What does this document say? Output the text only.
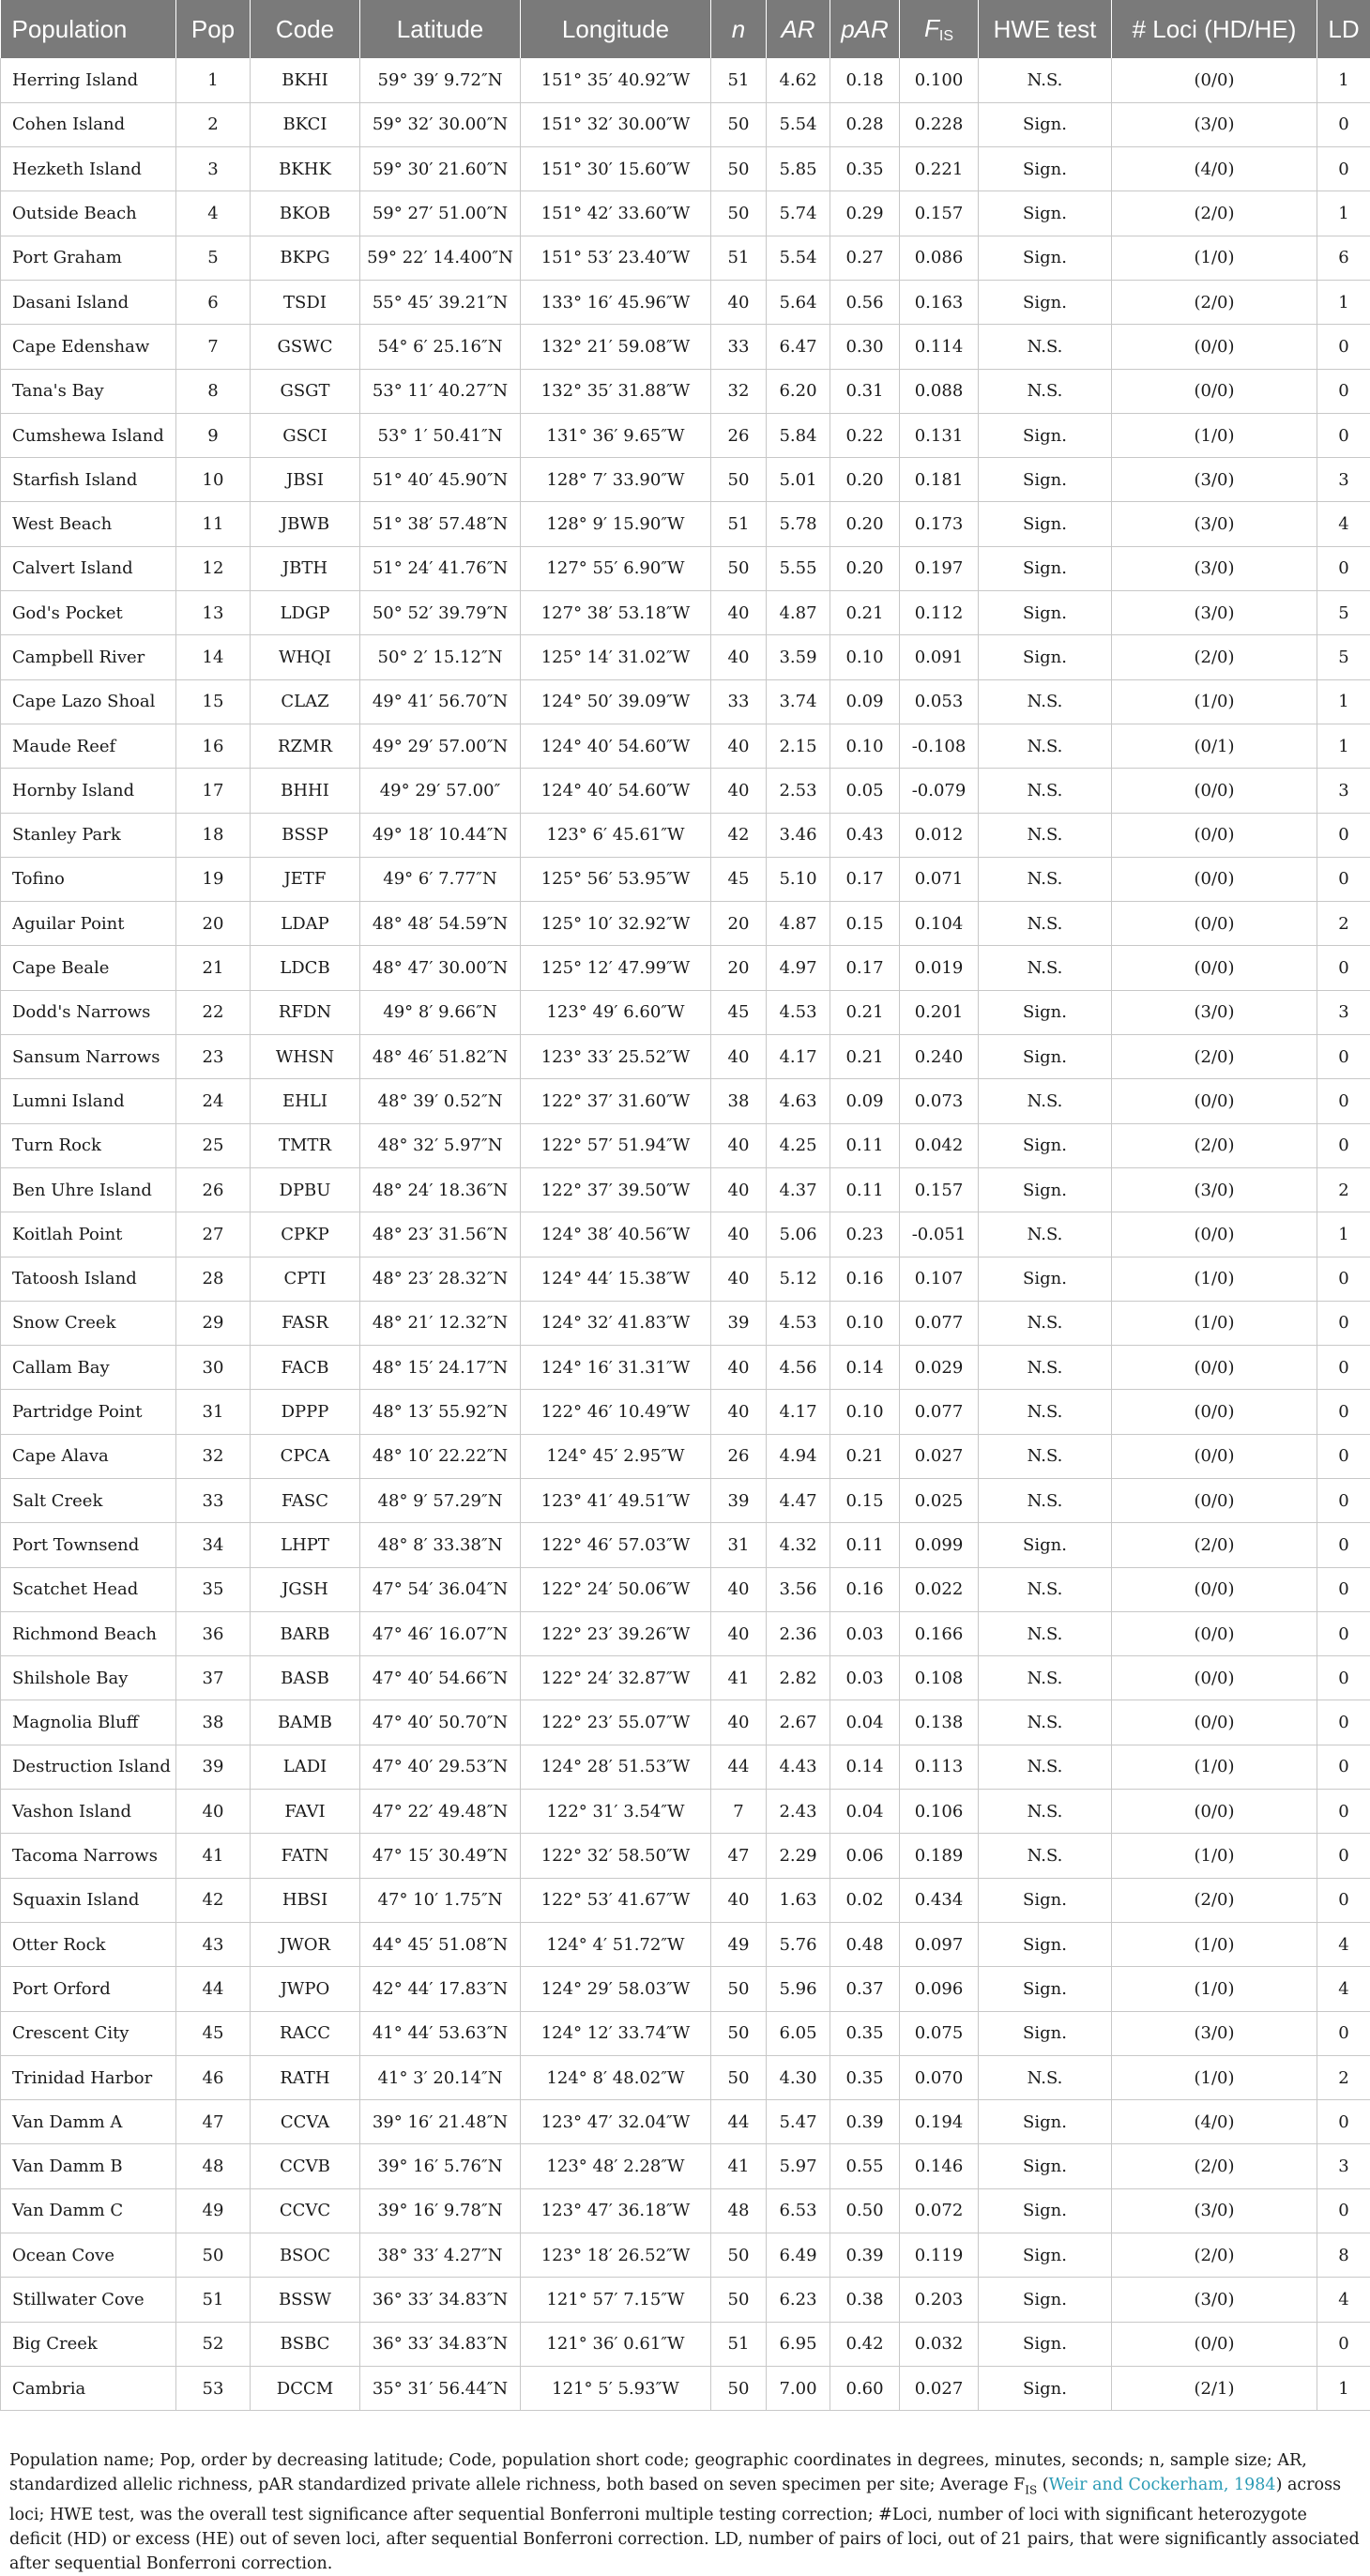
Population	Pop	Code	Latitude	Longitude	n	AR	pAR	$F_{IS}$	HWE test	# Loci (HD/HE)	LD
Herring Island	1	BKHI	59° 39′ 9.72″N	151° 35′ 40.92″W	51	4.62	0.18	0.100	N.S.	(0/0)	1
Cohen Island	2	BKCI	59° 32′ 30.00″N	151° 32′ 30.00″W	50	5.54	0.28	0.228	Sign.	(3/0)	0
Hezketh Island	3	BKHK	59° 30′ 21.60″N	151° 30′ 15.60″W	50	5.85	0.35	0.221	Sign.	(4/0)	0
Outside Beach	4	BKOB	59° 27′ 51.00″N	151° 42′ 33.60″W	50	5.74	0.29	0.157	Sign.	(2/0)	1
Port Graham	5	BKPG	59° 22′ 14.400″N	151° 53′ 23.40″W	51	5.54	0.27	0.086	Sign.	(1/0)	6
Dasani Island	6	TSDI	55° 45′ 39.21″N	133° 16′ 45.96″W	40	5.64	0.56	0.163	Sign.	(2/0)	1
Cape Edenshaw	7	GSWC	54° 6′ 25.16″N	132° 21′ 59.08″W	33	6.47	0.30	0.114	N.S.	(0/0)	0
Tana's Bay	8	GSGT	53° 11′ 40.27″N	132° 35′ 31.88″W	32	6.20	0.31	0.088	N.S.	(0/0)	0
Cumshewa Island	9	GSCI	53° 1′ 50.41″N	131° 36′ 9.65″W	26	5.84	0.22	0.131	Sign.	(1/0)	0
Starfish Island	10	JBSI	51° 40′ 45.90″N	128° 7′ 33.90″W	50	5.01	0.20	0.181	Sign.	(3/0)	3
West Beach	11	JBWB	51° 38′ 57.48″N	128° 9′ 15.90″W	51	5.78	0.20	0.173	Sign.	(3/0)	4
Calvert Island	12	JBTH	51° 24′ 41.76″N	127° 55′ 6.90″W	50	5.55	0.20	0.197	Sign.	(3/0)	0
God's Pocket	13	LDGP	50° 52′ 39.79″N	127° 38′ 53.18″W	40	4.87	0.21	0.112	Sign.	(3/0)	5
Campbell River	14	WHQI	50° 2′ 15.12″N	125° 14′ 31.02″W	40	3.59	0.10	0.091	Sign.	(2/0)	5
Cape Lazo Shoal	15	CLAZ	49° 41′ 56.70″N	124° 50′ 39.09″W	33	3.74	0.09	0.053	N.S.	(1/0)	1
Maude Reef	16	RZMR	49° 29′ 57.00″N	124° 40′ 54.60″W	40	2.15	0.10	-0.108	N.S.	(0/1)	1
Hornby Island	17	BHHI	49° 29′ 57.00″	124° 40′ 54.60″W	40	2.53	0.05	-0.079	N.S.	(0/0)	3
Stanley Park	18	BSSP	49° 18′ 10.44″N	123° 6′ 45.61″W	42	3.46	0.43	0.012	N.S.	(0/0)	0
Tofino	19	JETF	49° 6′ 7.77″N	125° 56′ 53.95″W	45	5.10	0.17	0.071	N.S.	(0/0)	0
Aguilar Point	20	LDAP	48° 48′ 54.59″N	125° 10′ 32.92″W	20	4.87	0.15	0.104	N.S.	(0/0)	2
Cape Beale	21	LDCB	48° 47′ 30.00″N	125° 12′ 47.99″W	20	4.97	0.17	0.019	N.S.	(0/0)	0
Dodd's Narrows	22	RFDN	49° 8′ 9.66″N	123° 49′ 6.60″W	45	4.53	0.21	0.201	Sign.	(3/0)	3
Sansum Narrows	23	WHSN	48° 46′ 51.82″N	123° 33′ 25.52″W	40	4.17	0.21	0.240	Sign.	(2/0)	0
Lumni Island	24	EHLI	48° 39′ 0.52″N	122° 37′ 31.60″W	38	4.63	0.09	0.073	N.S.	(0/0)	0
Turn Rock	25	TMTR	48° 32′ 5.97″N	122° 57′ 51.94″W	40	4.25	0.11	0.042	Sign.	(2/0)	0
Ben Uhre Island	26	DPBU	48° 24′ 18.36″N	122° 37′ 39.50″W	40	4.37	0.11	0.157	Sign.	(3/0)	2
Koitlah Point	27	CPKP	48° 23′ 31.56″N	124° 38′ 40.56″W	40	5.06	0.23	-0.051	N.S.	(0/0)	1
Tatoosh Island	28	CPTI	48° 23′ 28.32″N	124° 44′ 15.38″W	40	5.12	0.16	0.107	Sign.	(1/0)	0
Snow Creek	29	FASR	48° 21′ 12.32″N	124° 32′ 41.83″W	39	4.53	0.10	0.077	N.S.	(1/0)	0
Callam Bay	30	FACB	48° 15′ 24.17″N	124° 16′ 31.31″W	40	4.56	0.14	0.029	N.S.	(0/0)	0
Partridge Point	31	DPPP	48° 13′ 55.92″N	122° 46′ 10.49″W	40	4.17	0.10	0.077	N.S.	(0/0)	0
Cape Alava	32	CPCA	48° 10′ 22.22″N	124° 45′ 2.95″W	26	4.94	0.21	0.027	N.S.	(0/0)	0
Salt Creek	33	FASC	48° 9′ 57.29″N	123° 41′ 49.51″W	39	4.47	0.15	0.025	N.S.	(0/0)	0
Port Townsend	34	LHPT	48° 8′ 33.38″N	122° 46′ 57.03″W	31	4.32	0.11	0.099	Sign.	(2/0)	0
Scatchet Head	35	JGSH	47° 54′ 36.04″N	122° 24′ 50.06″W	40	3.56	0.16	0.022	N.S.	(0/0)	0
Richmond Beach	36	BARB	47° 46′ 16.07″N	122° 23′ 39.26″W	40	2.36	0.03	0.166	N.S.	(0/0)	0
Shilshole Bay	37	BASB	47° 40′ 54.66″N	122° 24′ 32.87″W	41	2.82	0.03	0.108	N.S.	(0/0)	0
Magnolia Bluff	38	BAMB	47° 40′ 50.70″N	122° 23′ 55.07″W	40	2.67	0.04	0.138	N.S.	(0/0)	0
Destruction Island	39	LADI	47° 40′ 29.53″N	124° 28′ 51.53″W	44	4.43	0.14	0.113	N.S.	(1/0)	0
Vashon Island	40	FAVI	47° 22′ 49.48″N	122° 31′ 3.54″W	7	2.43	0.04	0.106	N.S.	(0/0)	0
Tacoma Narrows	41	FATN	47° 15′ 30.49″N	122° 32′ 58.50″W	47	2.29	0.06	0.189	N.S.	(1/0)	0
Squaxin Island	42	HBSI	47° 10′ 1.75″N	122° 53′ 41.67″W	40	1.63	0.02	0.434	Sign.	(2/0)	0
Otter Rock	43	JWOR	44° 45′ 51.08″N	124° 4′ 51.72″W	49	5.76	0.48	0.097	Sign.	(1/0)	4
Port Orford	44	JWPO	42° 44′ 17.83″N	124° 29′ 58.03″W	50	5.96	0.37	0.096	Sign.	(1/0)	4
Crescent City	45	RACC	41° 44′ 53.63″N	124° 12′ 33.74″W	50	6.05	0.35	0.075	Sign.	(3/0)	0
Trinidad Harbor	46	RATH	41° 3′ 20.14″N	124° 8′ 48.02″W	50	4.30	0.35	0.070	N.S.	(1/0)	2
Van Damm A	47	CCVA	39° 16′ 21.48″N	123° 47′ 32.04″W	44	5.47	0.39	0.194	Sign.	(4/0)	0
Van Damm B	48	CCVB	39° 16′ 5.76″N	123° 48′ 2.28″W	41	5.97	0.55	0.146	Sign.	(2/0)	3
Van Damm C	49	CCVC	39° 16′ 9.78″N	123° 47′ 36.18″W	48	6.53	0.50	0.072	Sign.	(3/0)	0
Ocean Cove	50	BSOC	38° 33′ 4.27″N	123° 18′ 26.52″W	50	6.49	0.39	0.119	Sign.	(2/0)	8
Stillwater Cove	51	BSSW	36° 33′ 34.83″N	121° 57′ 7.15″W	50	6.23	0.38	0.203	Sign.	(3/0)	4
Big Creek	52	BSBC	36° 33′ 34.83″N	121° 36′ 0.61″W	51	6.95	0.42	0.032	Sign.	(0/0)	0
Cambria	53	DCCM	35° 31′ 56.44″N	121° 5′ 5.93″W	50	7.00	0.60	0.027	Sign.	(2/1)	1
Population name; Pop, order by decreasing latitude; Code, population short code; geographic coordinates in degrees, minutes, seconds; n, sample size; AR, standardized allelic richness, pAR standardized private allele richness, both based on seven specimen per site; Average $F_{IS}$ (Weir and Cockerham, 1984) across loci; HWE test, was the overall test significance after sequential Bonferroni multiple testing correction; #Loci, number of loci with significant heterozygote deficit (HD) or excess (HE) out of seven loci, after sequential Bonferroni correction. LD, number of pairs of loci, out of 21 pairs, that were significantly associated after sequential Bonferroni correction.
